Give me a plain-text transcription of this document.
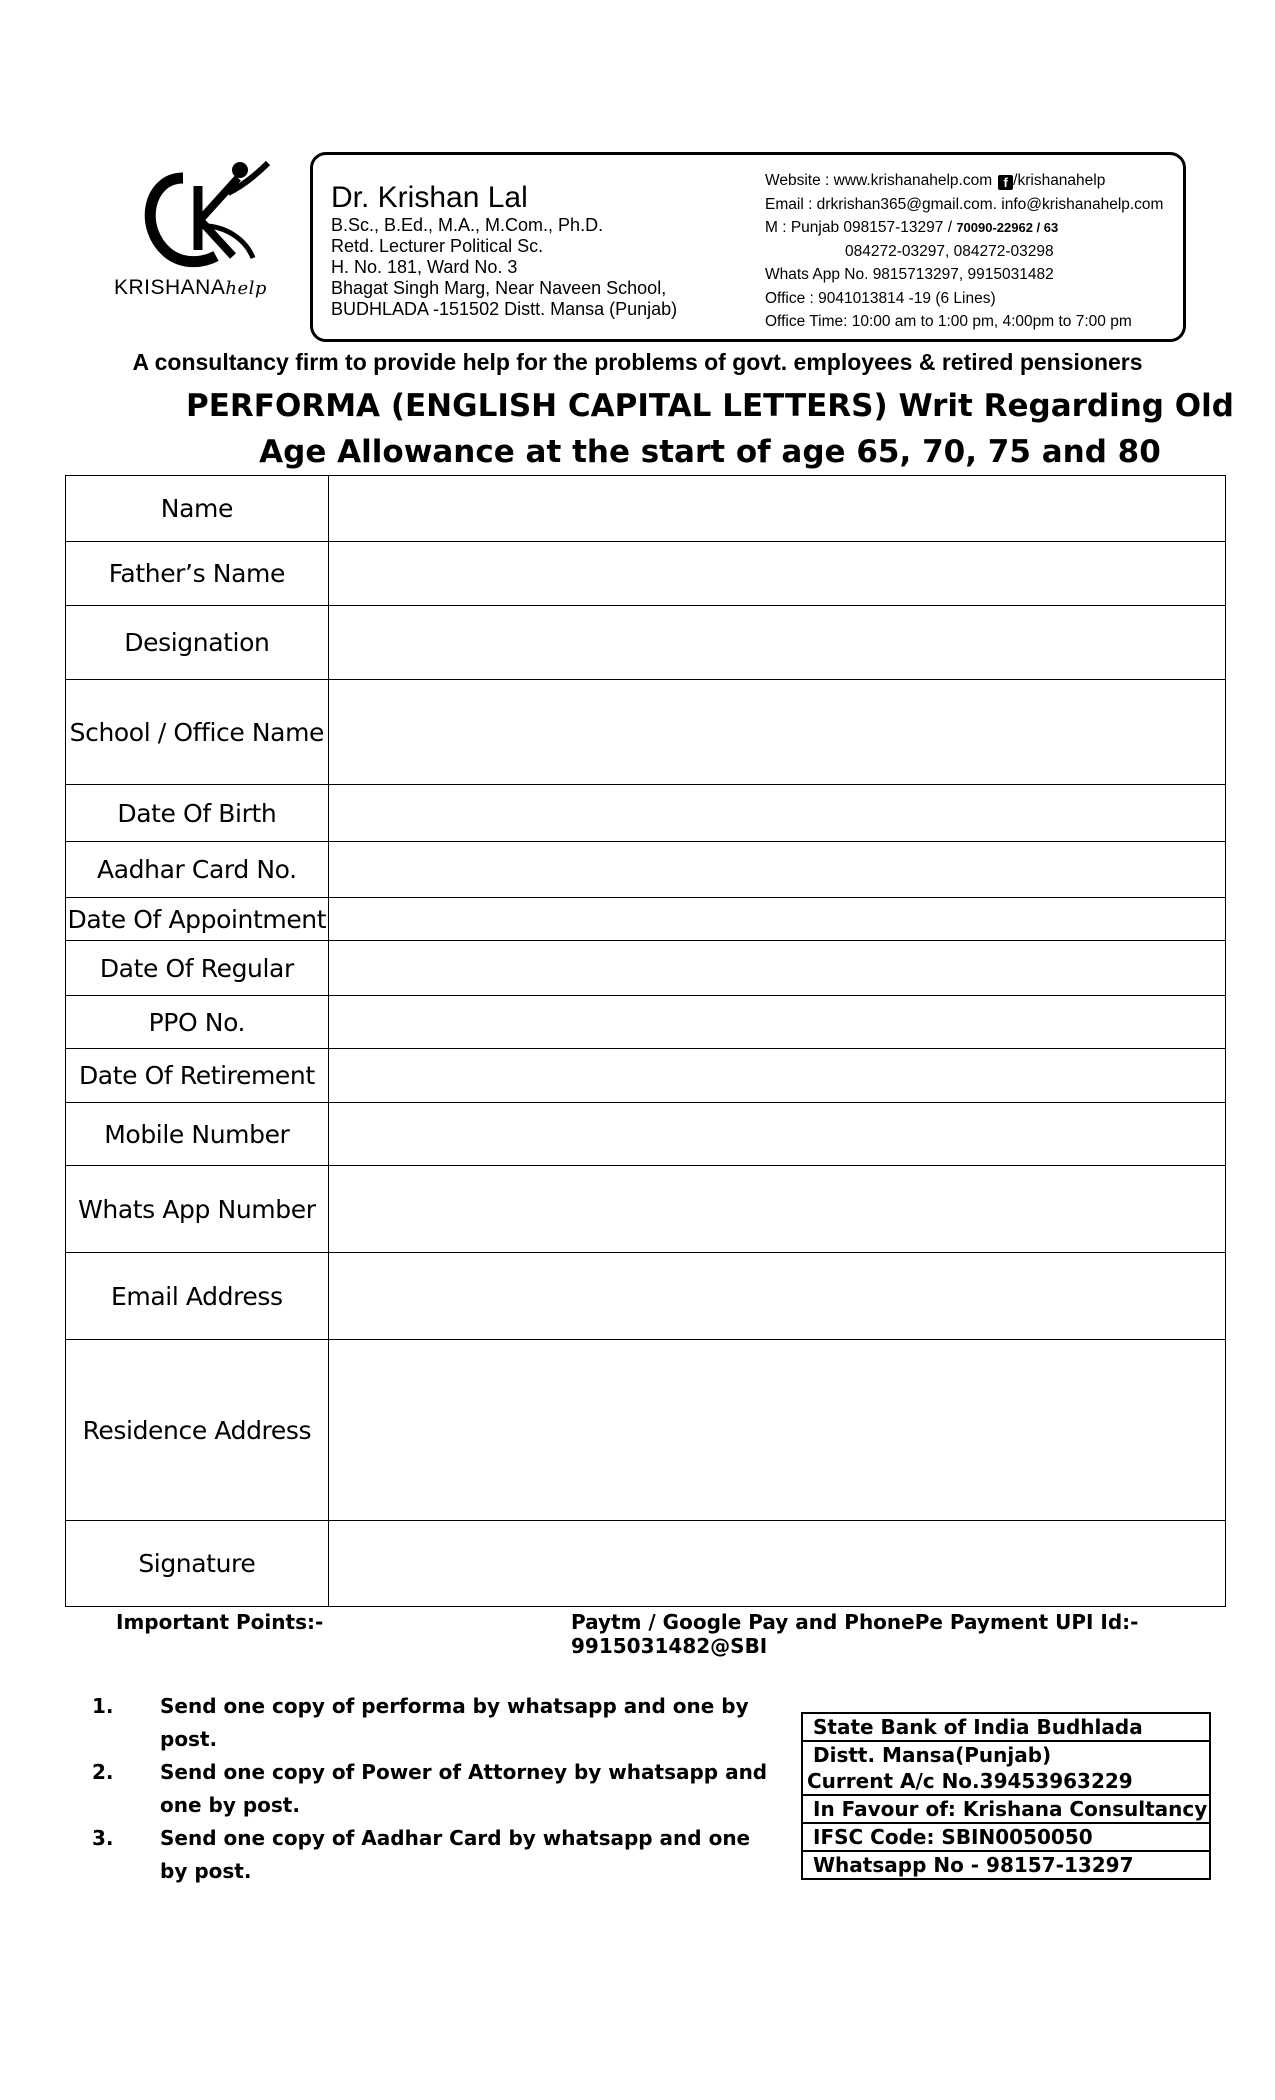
KRISHANAhelp
Dr. Krishan Lal
B.Sc., B.Ed., M.A., M.Com., Ph.D.
Retd. Lecturer Political Sc.
H. No. 181, Ward No. 3
Bhagat Singh Marg, Near Naveen School,
BUDHLADA -151502 Distt. Mansa (Punjab)
Website : www.krishanahelp.com f /krishanahelp
Email : drkrishan365@gmail.com. info@krishanahelp.com
M : Punjab 098157-13297 / 70090-22962 / 63
084272-03297, 084272-03298
Whats App No. 9815713297, 9915031482
Office : 9041013814 -19 (6 Lines)
Office Time: 10:00 am to 1:00 pm, 4:00pm to 7:00 pm
A consultancy firm to provide help for the problems of govt. employees & retired pensioners
PERFORMA (ENGLISH CAPITAL LETTERS) Writ Regarding Old
Age Allowance at the start of age 65, 70, 75 and 80
Name	
Father’s Name	
Designation	
School / Office Name	
Date Of Birth	
Aadhar Card No.	
Date Of Appointment	
Date Of Regular	
PPO No.	
Date Of Retirement	
Mobile Number	
Whats App Number	
Email Address	
Residence Address	
Signature	
Important Points:-	Paytm / Google Pay and PhonePe Payment UPI Id:- 9915031482@SBI
1. Send one copy of performa by whatsapp and one by post.
2. Send one copy of Power of Attorney by whatsapp and one by post.
3. Send one copy of Aadhar Card by whatsapp and one by post.
State Bank of India Budhlada
Distt. Mansa(Punjab)
Current A/c No.39453963229
In Favour of: Krishana Consultancy
IFSC Code: SBIN0050050
Whatsapp No - 98157-13297
